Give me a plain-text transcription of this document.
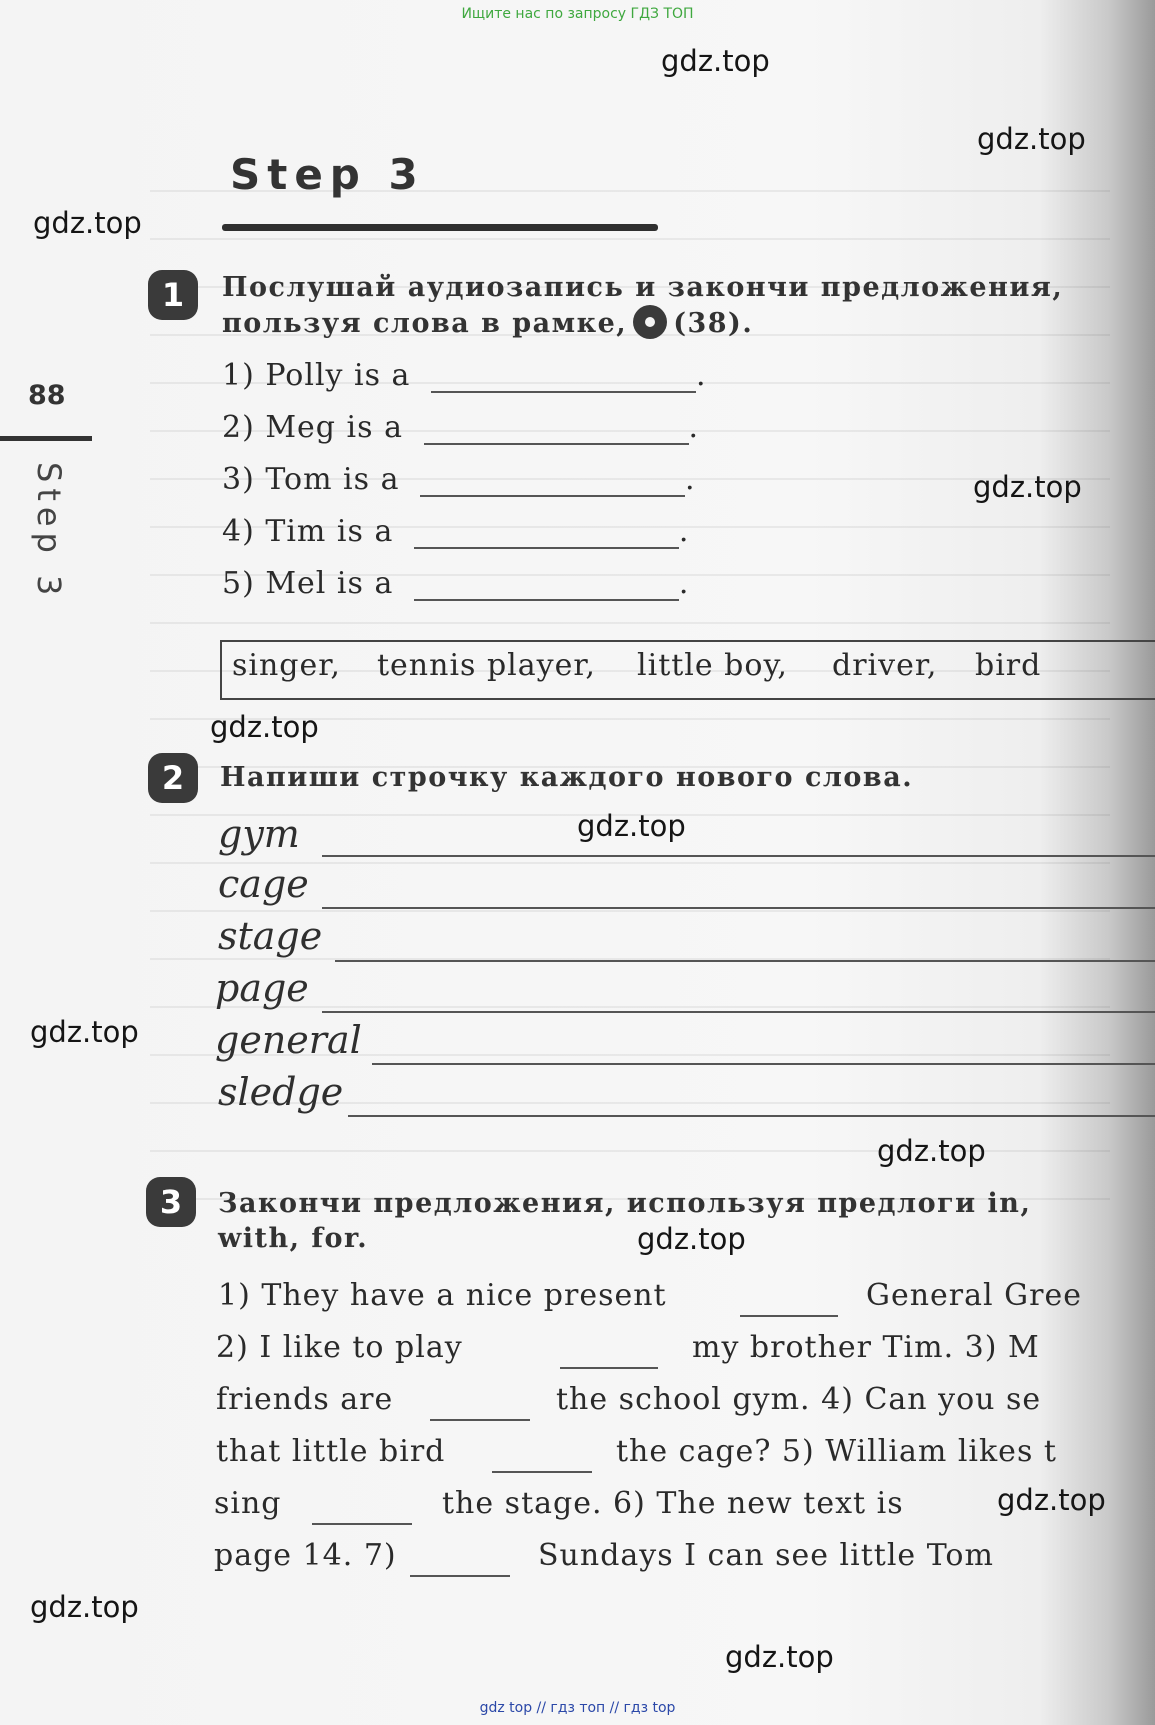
Ищите нас по запросу ГДЗ ТОП
gdz.top
gdz.top
gdz.top
gdz.top
gdz.top
gdz.top
gdz.top
gdz.top
gdz.top
gdz.top
gdz.top
gdz.top
Step 3
88
Step 3
1	Послушай аудиозапись и закончи предложения,
пользуя слова в рамке, (38).
1) Polly is a	.
2) Meg is a	.
3) Tom is a	.
4) Tim is a	.
5) Mel is a	.
singer, tennis player, little boy, driver, bird
2	Напиши строчку каждого нового слова.
gym
cage
stage
page
general
sledge
3	Закончи предложения, используя предлоги in,
with, for.
1) They have a nice present	General Gree
2) I like to play	my brother Tim. 3) M
friends are	the school gym. 4) Can you se
that little bird	the cage? 5) William likes t
sing	the stage. 6) The new text is
page 14. 7)	Sundays I can see little Tom
gdz top // гдз топ // гдз top
